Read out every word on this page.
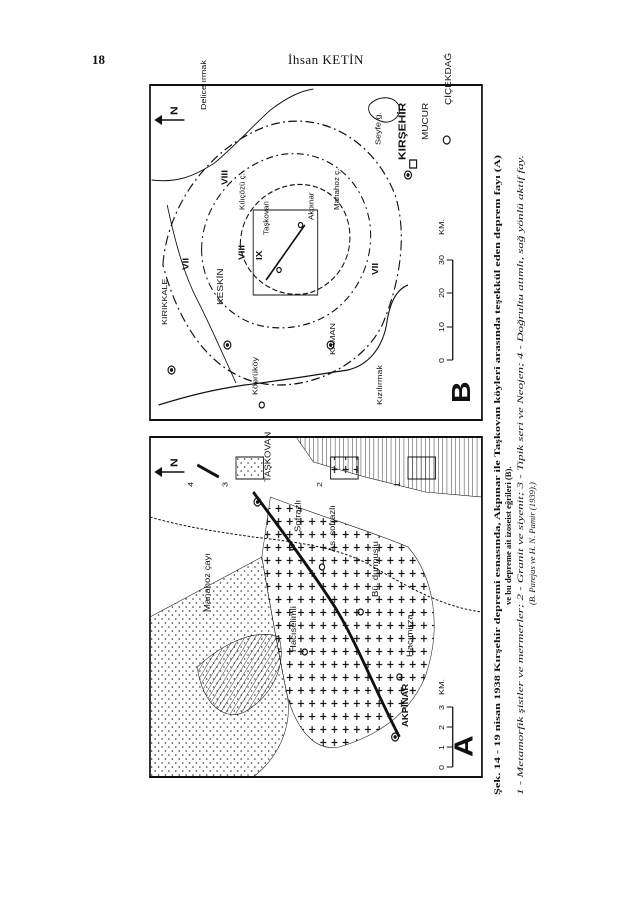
18	İhsan KETİN	ÇİÇEKDAĞ
MUCUR
KIRŞEHİR
Seyfe g.
Akpınar Manahoz ç.
Taşkovan
Kılıçözü ç.
KESKİN
KIRIKKALE
Köprüköy
KAMAN
Kızılırmak
Delice ırmak
VIII
IX
VIII
VII	VII
N
0
10
20
30
KM.
B
TAŞKOVAN
Sofrazlı	As. sofrazlı
Bü. durmuşlu
Hacımirza
AKPINAR
Hacıselimli
Manahoz çayı
N
1
2
3
4
0
1
2
3
KM.
A Şek. 14 - 19 nisan 1938 Kırşehir depremi esnasında, Akpınar ile Taşkovan köyleri arasında teşekkül eden deprem fayı (A) ve bu depreme ait izoseist eğrileri (B). 1 - Metamorfik şistler ve mermerler; 2 - Granit ve siyenit; 3 - Tipik seri ve Neojen; 4 - Doğrultu atımlı, sağ yönlü aktif fay. (B. Parejas ve H. N. Pamir (1939).)
